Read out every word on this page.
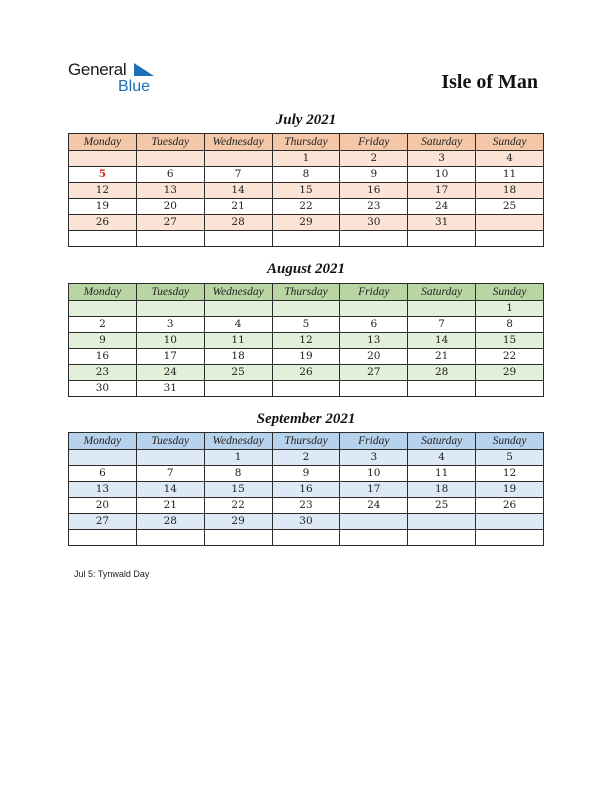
General
Blue	Isle of Man
July 2021
Monday	Tuesday	Wednesday	Thursday	Friday	Saturday	Sunday
			1	2	3	4
5	6	7	8	9	10	11
12	13	14	15	16	17	18
19	20	21	22	23	24	25
26	27	28	29	30	31	

August 2021
Monday	Tuesday	Wednesday	Thursday	Friday	Saturday	Sunday
						1
2	3	4	5	6	7	8
9	10	11	12	13	14	15
16	17	18	19	20	21	22
23	24	25	26	27	28	29
30	31					
September 2021
Monday	Tuesday	Wednesday	Thursday	Friday	Saturday	Sunday
		1	2	3	4	5
6	7	8	9	10	11	12
13	14	15	16	17	18	19
20	21	22	23	24	25	26
27	28	29	30			

Jul 5: Tynwald Day
